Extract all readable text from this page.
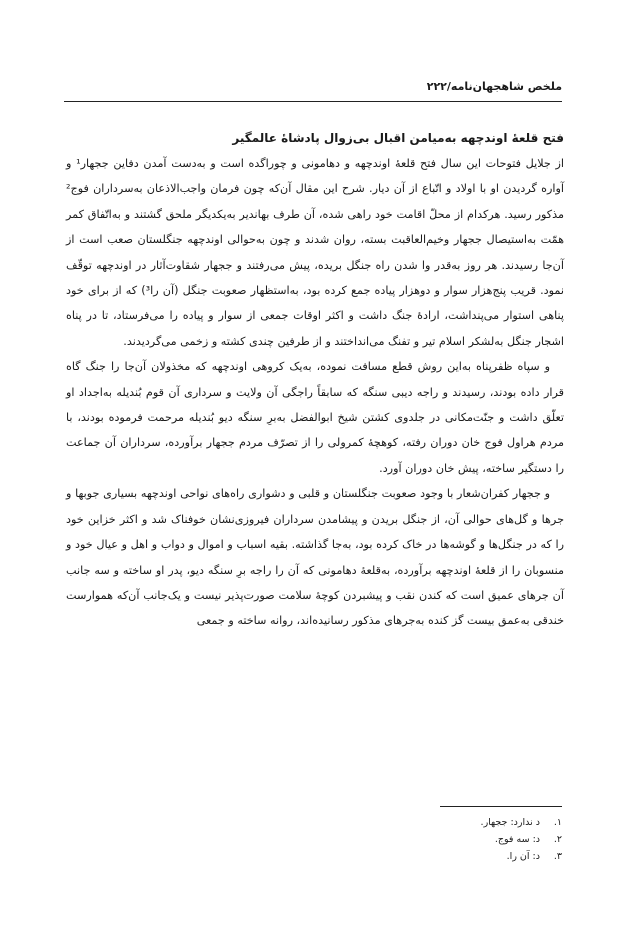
ملخص شاهجهان‌نامه/۲۲۲
فتح قلعهٔ اوندچهه به‌میامن اقبال بی‌زوال پادشاهٔ عالمگیر

از جلایل فتوحات این سال فتح قلعهٔ اوندچهه و دهامونی و چوراگده است و به‌دست آمدن دفاین ججهار¹ و آواره گردیدن او با اولاد و اتّباع از آن دیار. شرح این مقال آن‌که چون فرمان واجب‌الاذعان به‌سرداران فوج² مذکور رسید. هرکدام از محلّ اقامت خود راهی شده، آن طرف بهاندیر به‌یکدیگر ملحق گشتند و به‌اتّفاق کمر همّت به‌استیصال ججهار وخیم‌العاقبت بسته، روان شدند و چون به‌حوالی اوندچهه جنگلستان صعب است از آن‌جا رسیدند. هر روز به‌قدر وا شدن راه جنگل بریده، پیش می‌رفتند و ججهار شقاوت‌آثار در اوندچهه توقّف نمود. قریب پنج‌هزار سوار و دوهزار پیاده جمع کرده بود، به‌استظهار صعوبت جنگل (آن را³) که از برای خود پناهی استوار می‌پنداشت، ارادهٔ جنگ داشت و اکثر اوقات جمعی از سوار و پیاده را می‌فرستاد، تا در پناه اشجار جنگل به‌لشکر اسلام تیر و تفنگ می‌انداختند و از طرفین چندی کشته و زخمی می‌گردیدند.

و سپاه ظفرپناه به‌این روش قطع مسافت نموده، به‌یک کروهی اوندچهه که مخذولان آن‌جا را جنگ گاه قرار داده بودند، رسیدند و راجه دیبی سنگه که سابقاً راجگی آن ولایت و سرداری آن قوم بُندیله به‌اجداد او تعلّق داشت و جنّت‌مکانی در جلدوی کشتن شیخ ابوالفضل به‌برِ سنگه دیو بُندیله مرحمت فرموده بودند، با مردم هراول فوج خان دوران رفته، کوهچهٔ کمرولی را از تصرّف مردم ججهار برآورده، سرداران آن جماعت را دستگیر ساخته، پیش خان دوران آورد.

و ججهار کفران‌شعار با وجود صعوبت جنگلستان و قلبی و دشواری راه‌های نواحی اوندچهه بسیاری جوبها و جرها و گل‌های حوالی آن، از جنگل بریدن و پیشامدن سرداران فیروزی‌نشان خوفناک شد و اکثر خزاین خود را که در جنگل‌ها و گوشه‌ها در خاک کرده بود، به‌جا گذاشته. بقیه اسباب و اموال و دواب و اهل و عیال خود و منسوبان را از قلعهٔ اوندچهه برآورده، به‌قلعهٔ دهامونی که آن را راجه برِ سنگه دیو، پدر او ساخته و سه جانب آن جرهای عمیق است که کندن نقب و پیشبردن کوچهٔ سلامت صورت‌پذیر نیست و یک‌جانب آن‌که هموارست خندقی به‌عمق بیست گز کنده به‌جرهای مذکور رسانیده‌اند، روانه ساخته و جمعی

۱.
د ندارد: ججهار.
۲.
د: سه فوج.
۳.
د: آن را.
